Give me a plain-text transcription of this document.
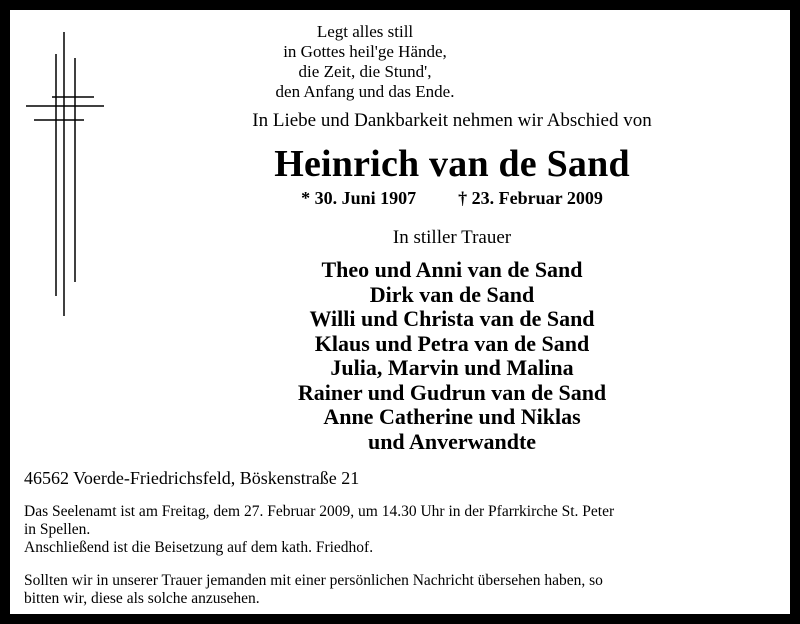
Legt alles still
in Gottes heil'ge Hände,
die Zeit, die Stund',
den Anfang und das Ende.
In Liebe und Dankbarkeit nehmen wir Abschied von
Heinrich van de Sand
* 30. Juni 1907 † 23. Februar 2009
In stiller Trauer
Theo und Anni van de Sand
Dirk van de Sand
Willi und Christa van de Sand
Klaus und Petra van de Sand
Julia, Marvin und Malina
Rainer und Gudrun van de Sand
Anne Catherine und Niklas
und Anverwandte
46562 Voerde-Friedrichsfeld, Böskenstraße 21
Das Seelenamt ist am Freitag, dem 27. Februar 2009, um 14.30 Uhr in der Pfarrkirche St. Peter
in Spellen.
Anschließend ist die Beisetzung auf dem kath. Friedhof.
Sollten wir in unserer Trauer jemanden mit einer persönlichen Nachricht übersehen haben, so
bitten wir, diese als solche anzusehen.
